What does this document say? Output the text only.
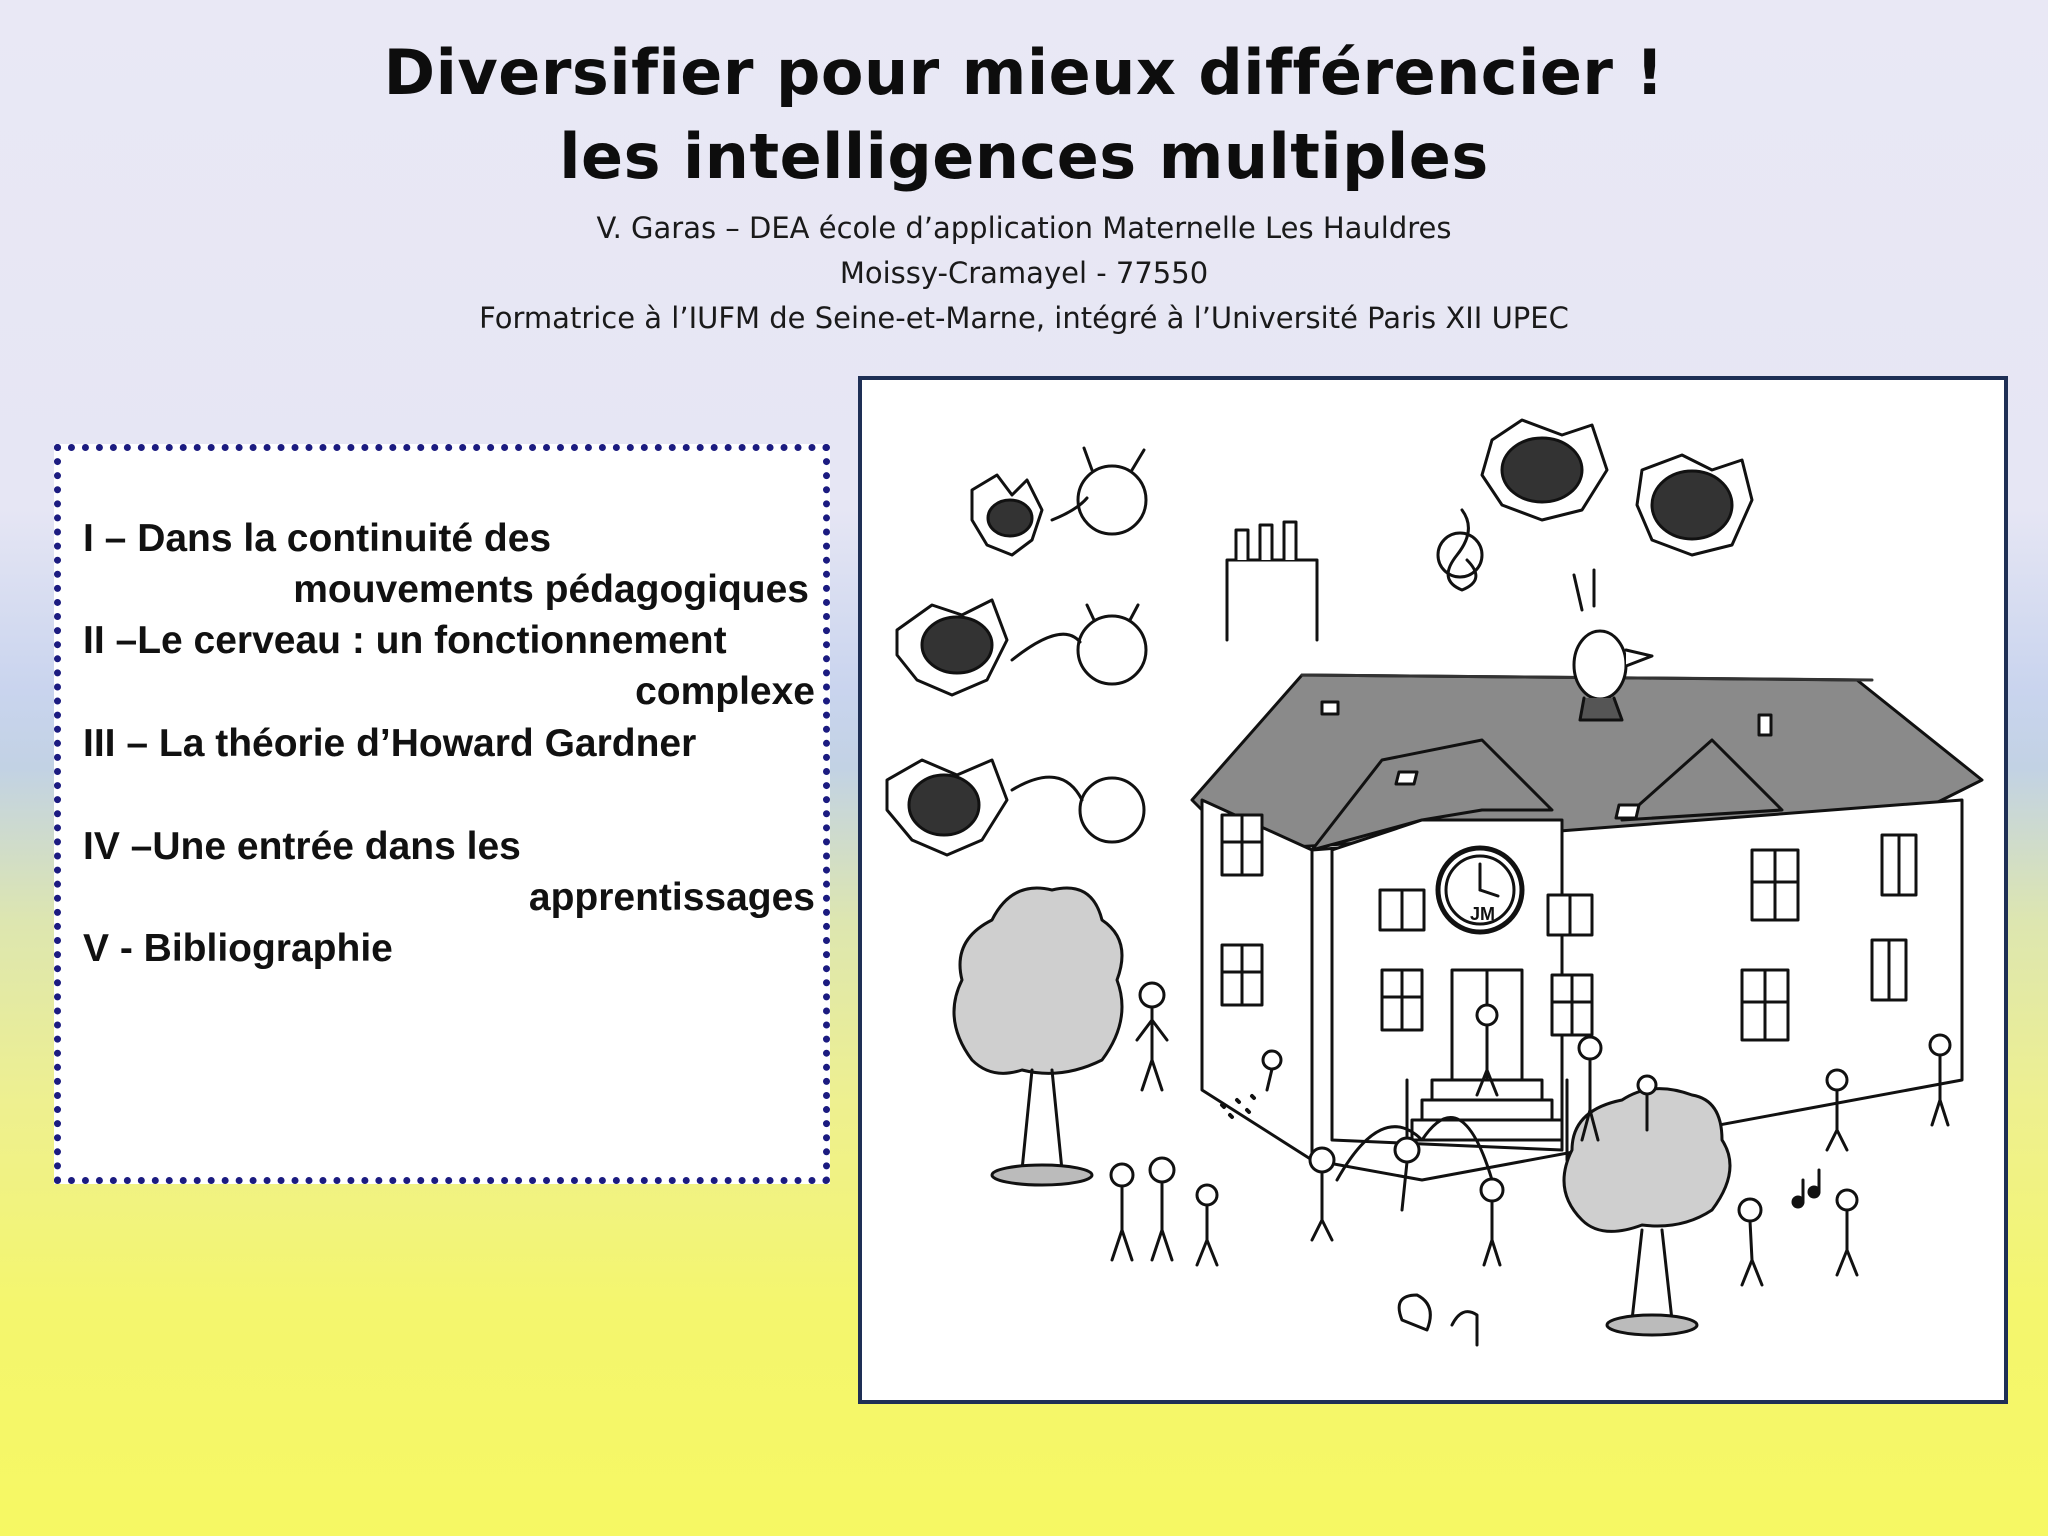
Diversifier pour mieux différencier !
les intelligences multiples
V. Garas – DEA école d’application Maternelle Les Hauldres
Moissy-Cramayel - 77550
Formatrice à l’IUFM de Seine-et-Marne, intégré à l’Université Paris XII UPEC
I – Dans la continuité des
mouvements pédagogiques
II –Le cerveau : un fonctionnement
complexe
III – La théorie d’Howard Gardner
IV –Une entrée dans les
apprentissages
V - Bibliographie
JM
